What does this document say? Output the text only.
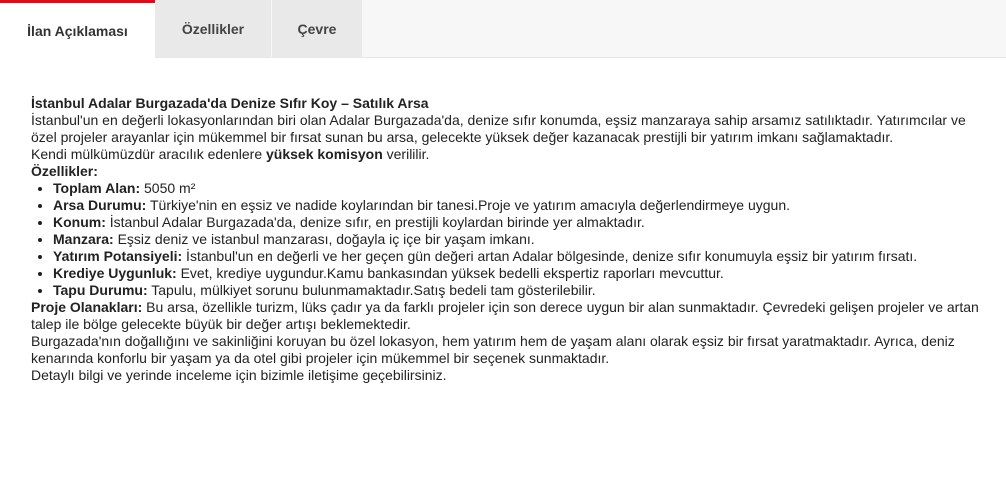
İlan Açıklaması	Özellikler	Çevre

İstanbul Adalar Burgazada'da Denize Sıfır Koy – Satılık Arsa

İstanbul'un en değerli lokasyonlarından biri olan Adalar Burgazada'da, denize sıfır konumda, eşsiz manzaraya sahip arsamız satılıktadır. Yatırımcılar ve özel projeler arayanlar için mükemmel bir fırsat sunan bu arsa, gelecekte yüksek değer kazanacak prestijli bir yatırım imkanı sağlamaktadır.

Kendi mülkümüzdür aracılık edenlere yüksek komisyon verililir.

Özellikler:

• Toplam Alan: 5050 m²
• Arsa Durumu: Türkiye'nin en eşsiz ve nadide koylarından bir tanesi.Proje ve yatırım amacıyla değerlendirmeye uygun.
• Konum: İstanbul Adalar Burgazada'da, denize sıfır, en prestijli koylardan birinde yer almaktadır.
• Manzara: Eşsiz deniz ve istanbul manzarası, doğayla iç içe bir yaşam imkanı.
• Yatırım Potansiyeli: İstanbul'un en değerli ve her geçen gün değeri artan Adalar bölgesinde, denize sıfır konumuyla eşsiz bir yatırım fırsatı.
• Krediye Uygunluk: Evet, krediye uygundur.Kamu bankasından yüksek bedelli ekspertiz raporları mevcuttur.
• Tapu Durumu: Tapulu, mülkiyet sorunu bulunmamaktadır.Satış bedeli tam gösterilebilir.

Proje Olanakları: Bu arsa, özellikle turizm, lüks çadır ya da farklı projeler için son derece uygun bir alan sunmaktadır. Çevredeki gelişen projeler ve artan talep ile bölge gelecekte büyük bir değer artışı beklemektedir.

Burgazada'nın doğallığını ve sakinliğini koruyan bu özel lokasyon, hem yatırım hem de yaşam alanı olarak eşsiz bir fırsat yaratmaktadır. Ayrıca, deniz kenarında konforlu bir yaşam ya da otel gibi projeler için mükemmel bir seçenek sunmaktadır.

Detaylı bilgi ve yerinde inceleme için bizimle iletişime geçebilirsiniz.
